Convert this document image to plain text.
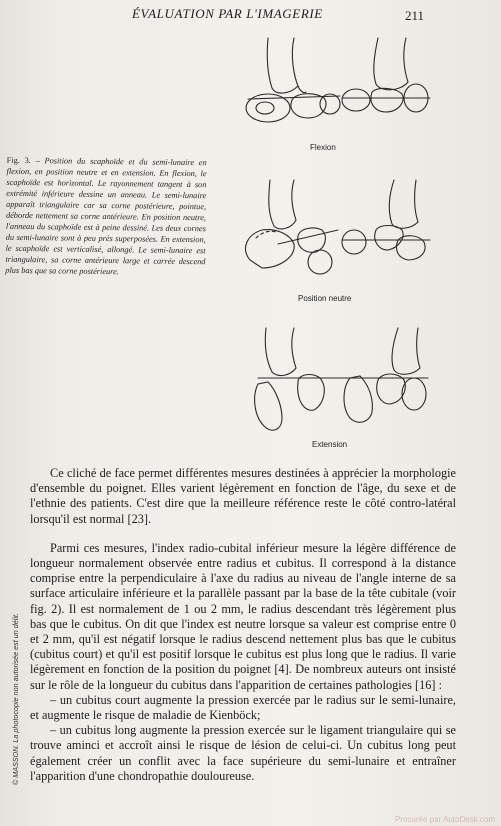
ÉVALUATION PAR L'IMAGERIE	211
Fig. 3. – Position du scaphoïde et du semi-lunaire en flexion, en position neutre et en extension. En flexion, le scaphoïde est horizontal. Le rayonnement tangent à son extrémité inférieure dessine un anneau. Le semi-lunaire apparaît triangulaire car sa corne postérieure, pointue, déborde nettement sa corne antérieure. En position neutre, l'anneau du scaphoïde est à peine dessiné. Les deux cornes du semi-lunaire sont à peu près superposées. En extension, le scaphoïde est verticalisé, allongé. Le semi-lunaire est triangulaire, sa corne antérieure large et carrée descend plus bas que sa corne postérieure.
Flexion
Position neutre
Extension

Ce cliché de face permet différentes mesures destinées à apprécier la morphologie d'ensemble du poignet. Elles varient légèrement en fonction de l'âge, du sexe et de l'ethnie des patients. C'est dire que la meilleure référence reste le côté contro-latéral lorsqu'il est normal [23].

Parmi ces mesures, l'index radio-cubital inférieur mesure la légère différence de longueur normalement observée entre radius et cubitus. Il correspond à la distance comprise entre la perpendiculaire à l'axe du radius au niveau de l'angle interne de sa surface articulaire inférieure et la parallèle passant par la base de la tête cubitale (voir fig. 2). Il est normalement de 1 ou 2 mm, le radius descendant très légèrement plus bas que le cubitus. On dit que l'index est neutre lorsque sa valeur est comprise entre 0 et 2 mm, qu'il est négatif lorsque le radius descend nettement plus bas que le cubitus (cubitus court) et qu'il est positif lorsque le cubitus est plus long que le radius. Il varie légèrement en fonction de la position du poignet [4]. De nombreux auteurs ont insisté sur le rôle de la longueur du cubitus dans l'apparition de certaines pathologies [16] :

– un cubitus court augmente la pression exercée par le radius sur le semi-lunaire, et augmente le risque de maladie de Kienböck;

– un cubitus long augmente la pression exercée sur le ligament triangulaire qui se trouve aminci et accroît ainsi le risque de lésion de celui-ci. Un cubitus long peut également créer un conflit avec la face supérieure du semi-lunaire et entraîner l'apparition d'une chondropathie douloureuse.

© MASSON. La photocopie non autorisée est un délit.
Procurée par AutoDesk.com
